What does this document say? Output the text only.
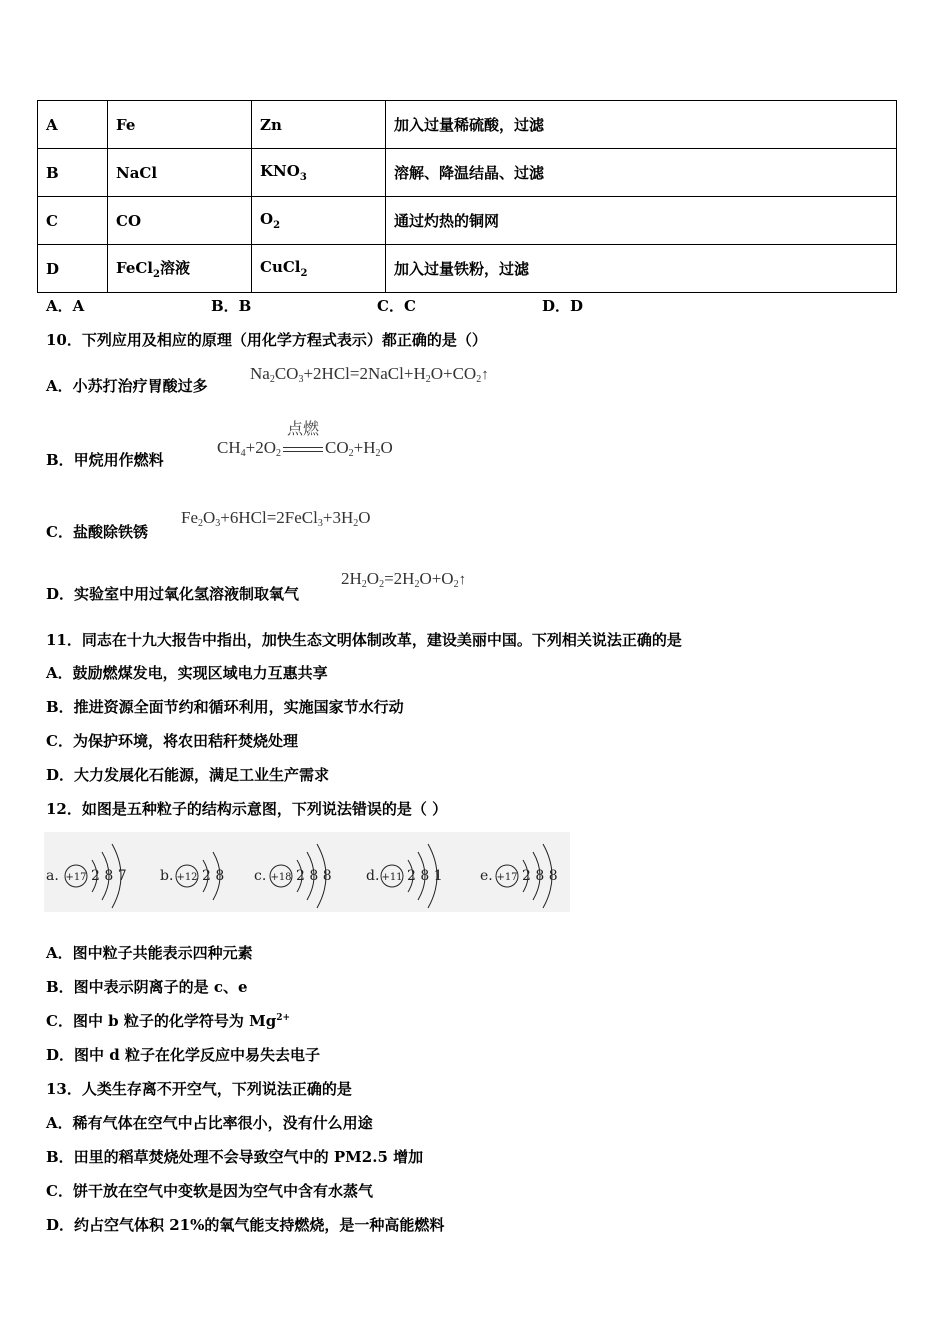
A	Fe	Zn	加入过量稀硫酸，过滤
B	NaCl	$KNO_3$	溶解、降温结晶、过滤
C	CO	$O_2$	通过灼热的铜网
D	FeCl$_2$溶液	CuCl$_2$	加入过量铁粉，过滤
A．A	B．B	C．C	D．D
10．下列应用及相应的原理（用化学方程式表示）都正确的是（）
A．小苏打治疗胃酸过多
$Na_2CO_3+2HCl=2NaCl+H_2O+CO_2↑$
B．甲烷用作燃料
$CH_4+2O_2$
点燃
$CO_2+H_2O$
C．盐酸除铁锈
$Fe_2O_3+6HCl=2FeCl_3+3H_2O$
D．实验室中用过氧化氢溶液制取氧气
$2H_2O_2=2H_2O+O_2↑$
11．同志在十九大报告中指出，加快生态文明体制改革，建设美丽中国。下列相关说法正确的是
A．鼓励燃煤发电，实现区域电力互惠共享
B．推进资源全面节约和循环利用，实施国家节水行动
C．为保护环境，将农田秸秆焚烧处理
D．大力发展化石能源，满足工业生产需求
12．如图是五种粒子的结构示意图，下列说法错误的是（ ）
a. +17 2 8 7 b. +12 2 8 c. +18 2 8 8 d. +11 2 8 1	e. +17 2 8 8
A．图中粒子共能表示四种元素
B．图中表示阴离子的是 c、e
C．图中 b 粒子的化学符号为 $Mg^{2+}$
D．图中 d 粒子在化学反应中易失去电子
13．人类生存离不开空气，下列说法正确的是
A．稀有气体在空气中占比率很小，没有什么用途
B．田里的稻草焚烧处理不会导致空气中的 PM2.5 增加
C．饼干放在空气中变软是因为空气中含有水蒸气
D．约占空气体积 21%的氧气能支持燃烧，是一种高能燃料
